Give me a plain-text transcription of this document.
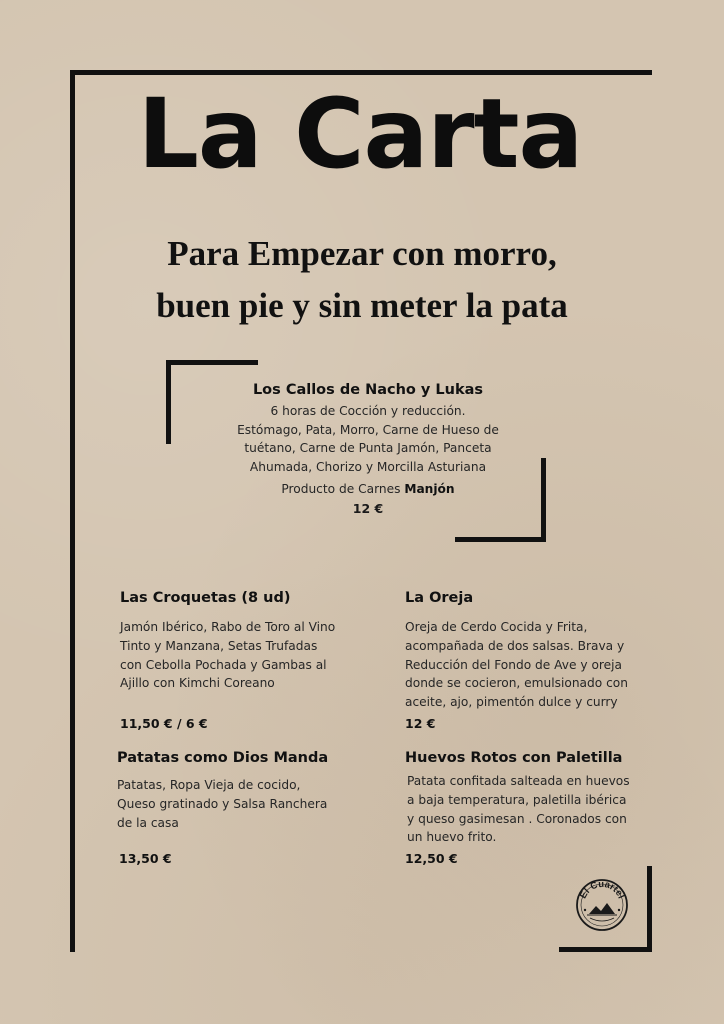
La Carta
Para Empezar con morro,
buen pie y sin meter la pata
Los Callos de Nacho y Lukas
6 horas de Cocción y reducción.
Estómago, Pata, Morro, Carne de Hueso de
tuétano, Carne de Punta Jamón, Panceta
Ahumada, Chorizo y Morcilla Asturiana
Producto de Carnes Manjón
12 €
Las Croquetas (8 ud)
Jamón Ibérico, Rabo de Toro al Vino
Tinto y Manzana, Setas Trufadas
con Cebolla Pochada y Gambas al
Ajillo con Kimchi Coreano
11,50 € / 6 €
La Oreja
Oreja de Cerdo Cocida y Frita,
acompañada de dos salsas. Brava y
Reducción del Fondo de Ave y oreja
donde se cocieron, emulsionado con
aceite, ajo, pimentón dulce y curry
12 €
Patatas como Dios Manda
Patatas, Ropa Vieja de cocido,
Queso gratinado y Salsa Ranchera
de la casa
13,50 €
Huevos Rotos con Paletilla
Patata confitada salteada en huevos
a baja temperatura, paletilla ibérica
y queso gasimesan . Coronados con
un huevo frito.
12,50 €
El Cuartel
